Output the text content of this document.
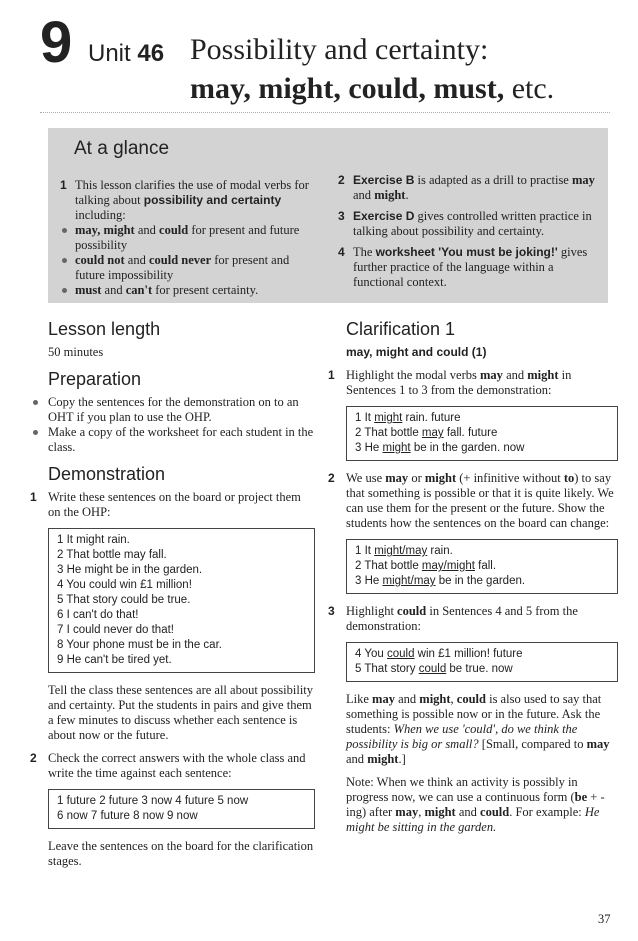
9 Unit 46 Possibility and certainty:
may, might, could, must, etc.
At a glance
1 This lesson clarifies the use of modal verbs for talking about possibility and certainty including:
may, might and could for present and future possibility
could not and could never for present and future impossibility
must and can't for present certainty.
2 Exercise B is adapted as a drill to practise may and might.
3 Exercise D gives controlled written practice in talking about possibility and certainty.
4 The worksheet 'You must be joking!' gives further practice of the language within a functional context.
Lesson length
50 minutes
Preparation
Copy the sentences for the demonstration on to an OHT if you plan to use the OHP.
Make a copy of the worksheet for each student in the class.
Demonstration
1 Write these sentences on the board or project them on the OHP:
1 It might rain.
2 That bottle may fall.
3 He might be in the garden.
4 You could win £1 million!
5 That story could be true.
6 I can't do that!
7 I could never do that!
8 Your phone must be in the car.
9 He can't be tired yet.
Tell the class these sentences are all about possibility and certainty. Put the students in pairs and give them a few minutes to discuss whether each sentence is about now or the future.
2 Check the correct answers with the whole class and write the time against each sentence:
1 future 2 future 3 now 4 future 5 now
6 now 7 future 8 now 9 now
Leave the sentences on the board for the clarification stages.
Clarification 1
may, might and could (1)
1 Highlight the modal verbs may and might in Sentences 1 to 3 from the demonstration:
1 It might rain. future
2 That bottle may fall. future
3 He might be in the garden. now
2 We use may or might (+ infinitive without to) to say that something is possible or that it is quite likely. We can use them for the present or the future. Show the students how the sentences on the board can change:
1 It might/may rain.
2 That bottle may/might fall.
3 He might/may be in the garden.
3 Highlight could in Sentences 4 and 5 from the demonstration:
4 You could win £1 million! future
5 That story could be true. now
Like may and might, could is also used to say that something is possible now or in the future. Ask the students: When we use 'could', do we think the possibility is big or small? [Small, compared to may and might.]
Note: When we think an activity is possibly in progress now, we can use a continuous form (be + -ing) after may, might and could. For example: He might be sitting in the garden.
37
